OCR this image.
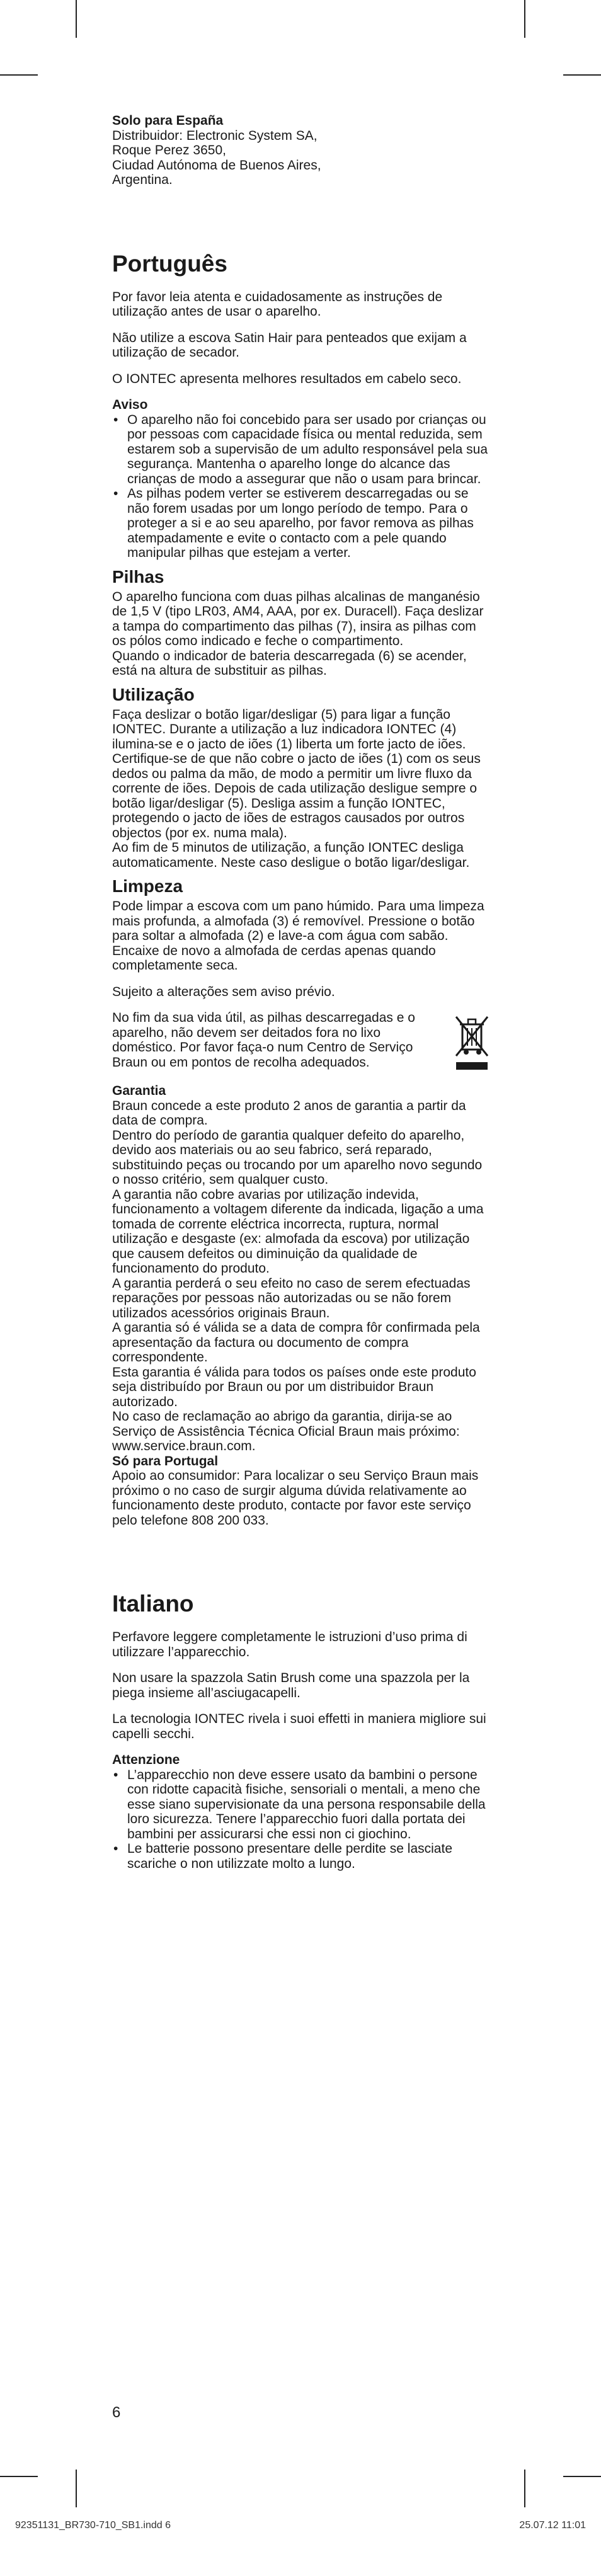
Solo para España

Distribuidor: Electronic System SA,

Roque Perez 3650,

Ciudad Autónoma de Buenos Aires,

Argentina.

Português

Por favor leia atenta e cuidadosamente as instruções de utilização antes de usar o aparelho.

Não utilize a escova Satin Hair para penteados que exijam a utilização de secador.

O IONTEC apresenta melhores resultados em cabelo seco.

Aviso

• O aparelho não foi concebido para ser usado por crianças ou por pessoas com capacidade física ou mental reduzida, sem estarem sob a supervisão de um adulto responsável pela sua segurança. Mantenha o aparelho longe do alcance das crianças de modo a assegurar que não o usam para brincar.
• As pilhas podem verter se estiverem descarregadas ou se não forem usadas por um longo período de tempo. Para o proteger a si e ao seu aparelho, por favor remova as pilhas atempadamente e evite o contacto com a pele quando manipular pilhas que estejam a verter.
Pilhas

O aparelho funciona com duas pilhas alcalinas de manganésio de 1,5 V (tipo LR03, AM4, AAA, por ex. Duracell). Faça deslizar a tampa do compartimento das pilhas (7), insira as pilhas com os pólos como indicado e feche o compartimento.

Quando o indicador de bateria descarregada (6) se acender, está na altura de substituir as pilhas.

Utilização

Faça deslizar o botão ligar/desligar (5) para ligar a função IONTEC. Durante a utilização a luz indicadora IONTEC (4) ilumina-se e o jacto de iões (1) liberta um forte jacto de iões. Certifique-se de que não cobre o jacto de iões (1) com os seus dedos ou palma da mão, de modo a permitir um livre fluxo da corrente de iões. Depois de cada utilização desligue sempre o botão ligar/desligar (5). Desliga assim a função IONTEC, protegendo o jacto de iões de estragos causados por outros objectos (por ex. numa mala).

Ao fim de 5 minutos de utilização, a função IONTEC desliga automaticamente. Neste caso desligue o botão ligar/desligar.

Limpeza

Pode limpar a escova com um pano húmido. Para uma limpeza mais profunda, a almofada (3) é removível. Pressione o botão para soltar a almofada (2) e lave-a com água com sabão. Encaixe de novo a almofada de cerdas apenas quando completamente seca.

Sujeito a alterações sem aviso prévio.

No fim da sua vida útil, as pilhas descarregadas e o aparelho, não devem ser deitados fora no lixo doméstico. Por favor faça-o num Centro de Serviço Braun ou em pontos de recolha adequados.

Garantia

Braun concede a este produto 2 anos de garantia a partir da data de compra.

Dentro do período de garantia qualquer defeito do aparelho, devido aos materiais ou ao seu fabrico, será reparado, substituindo peças ou trocando por um aparelho novo segundo o nosso critério, sem qualquer custo.

A garantia não cobre avarias por utilização indevida, funcionamento a voltagem diferente da indicada, ligação a uma tomada de corrente eléctrica incorrecta, ruptura, normal utilização e desgaste (ex: almofada da escova) por utilização que causem defeitos ou diminuição da qualidade de funcionamento do produto.

A garantia perderá o seu efeito no caso de serem efectuadas reparações por pessoas não autorizadas ou se não forem utilizados acessórios originais Braun.

A garantia só é válida se a data de compra fôr confirmada pela apresentação da factura ou documento de compra correspondente.

Esta garantia é válida para todos os países onde este produto seja distribuído por Braun ou por um distribuidor Braun autorizado.

No caso de reclamação ao abrigo da garantia, dirija-se ao Serviço de Assistência Técnica Oficial Braun mais próximo: www.service.braun.com.

Só para Portugal

Apoio ao consumidor: Para localizar o seu Serviço Braun mais próximo o no caso de surgir alguma dúvida relativamente ao funcionamento deste produto, contacte por favor este serviço pelo telefone 808 200 033.

Italiano

Perfavore leggere completamente le istruzioni d’uso prima di utilizzare l’apparecchio.

Non usare la spazzola Satin Brush come una spazzola per la piega insieme all’asciugacapelli.

La tecnologia IONTEC rivela i suoi effetti in maniera migliore sui capelli secchi.

Attenzione

• L’apparecchio non deve essere usato da bambini o persone con ridotte capacità fisiche, sensoriali o mentali, a meno che esse siano supervisionate da una persona responsabile della loro sicurezza. Tenere l’apparecchio fuori dalla portata dei bambini per assicurarsi che essi non ci giochino.
• Le batterie possono presentare delle perdite se lasciate scariche o non utilizzate molto a lungo.
6
92351131_BR730-710_SB1.indd 6	25.07.12 11:01
